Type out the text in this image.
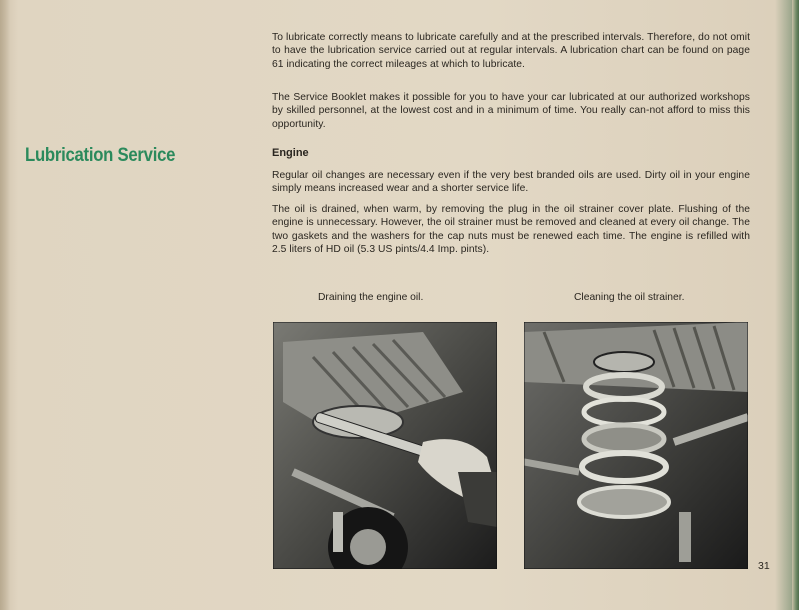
To lubricate correctly means to lubricate carefully and at the prescribed intervals. Therefore, do not omit to have the lubrication service carried out at regular intervals. A lubrication chart can be found on page 61 indicating the correct mileages at which to lubricate.

The Service Booklet makes it possible for you to have your car lubricated at our authorized workshops by skilled personnel, at the lowest cost and in a minimum of time. You really can-not afford to miss this opportunity.

Lubrication Service	Engine

Regular oil changes are necessary even if the very best branded oils are used. Dirty oil in your engine simply means increased wear and a shorter service life.

The oil is drained, when warm, by removing the plug in the oil strainer cover plate. Flushing of the engine is unnecessary. However, the oil strainer must be removed and cleaned at every oil change. The two gaskets and the washers for the cap nuts must be renewed each time. The engine is refilled with 2.5 liters of HD oil (5.3 US pints/4.4 Imp. pints).

Draining the engine oil.	Cleaning the oil strainer.
31
